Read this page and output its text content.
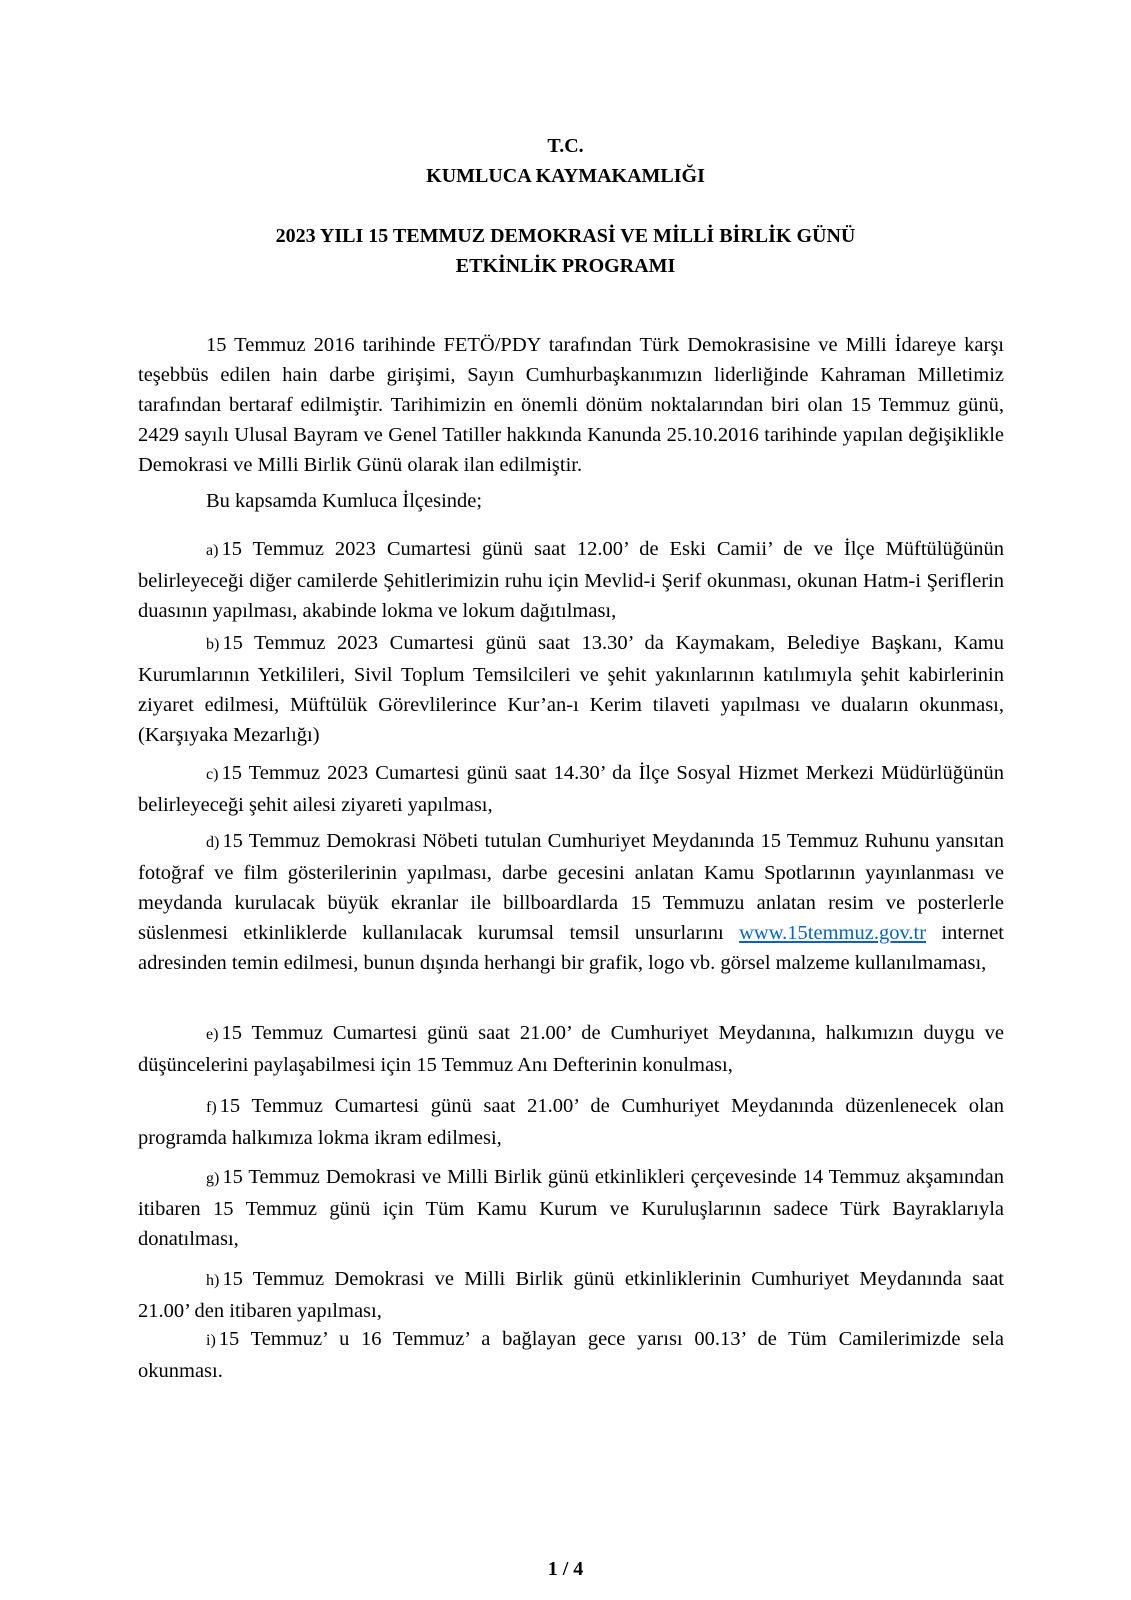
T.C.
KUMLUCA KAYMAKAMLIĞI
2023 YILI 15 TEMMUZ DEMOKRASİ VE MİLLİ BİRLİK GÜNÜ
ETKİNLİK PROGRAMI

15 Temmuz 2016 tarihinde FETÖ/PDY tarafından Türk Demokrasisine ve Milli İdareye karşı teşebbüs edilen hain darbe girişimi, Sayın Cumhurbaşkanımızın liderliğinde Kahraman Milletimiz tarafından bertaraf edilmiştir. Tarihimizin en önemli dönüm noktalarından biri olan 15 Temmuz günü, 2429 sayılı Ulusal Bayram ve Genel Tatiller hakkında Kanunda 25.10.2016 tarihinde yapılan değişiklikle Demokrasi ve Milli Birlik Günü olarak ilan edilmiştir.

Bu kapsamda Kumluca İlçesinde;

a) 15 Temmuz 2023 Cumartesi günü saat 12.00’ de Eski Camii’ de ve İlçe Müftülüğünün belirleyeceği diğer camilerde Şehitlerimizin ruhu için Mevlid-i Şerif okunması, okunan Hatm-i Şeriflerin duasının yapılması, akabinde lokma ve lokum dağıtılması,

b) 15 Temmuz 2023 Cumartesi günü saat 13.30’ da Kaymakam, Belediye Başkanı, Kamu Kurumlarının Yetkilileri, Sivil Toplum Temsilcileri ve şehit yakınlarının katılımıyla şehit kabirlerinin ziyaret edilmesi, Müftülük Görevlilerince Kur’an-ı Kerim tilaveti yapılması ve duaların okunması, (Karşıyaka Mezarlığı)

c) 15 Temmuz 2023 Cumartesi günü saat 14.30’ da İlçe Sosyal Hizmet Merkezi Müdürlüğünün belirleyeceği şehit ailesi ziyareti yapılması,

d) 15 Temmuz Demokrasi Nöbeti tutulan Cumhuriyet Meydanında 15 Temmuz Ruhunu yansıtan fotoğraf ve film gösterilerinin yapılması, darbe gecesini anlatan Kamu Spotlarının yayınlanması ve meydanda kurulacak büyük ekranlar ile billboardlarda 15 Temmuzu anlatan resim ve posterlerle süslenmesi etkinliklerde kullanılacak kurumsal temsil unsurlarını www.15temmuz.gov.tr internet adresinden temin edilmesi, bunun dışında herhangi bir grafik, logo vb. görsel malzeme kullanılmaması,

e) 15 Temmuz Cumartesi günü saat 21.00’ de Cumhuriyet Meydanına, halkımızın duygu ve düşüncelerini paylaşabilmesi için 15 Temmuz Anı Defterinin konulması,

f) 15 Temmuz Cumartesi günü saat 21.00’ de Cumhuriyet Meydanında düzenlenecek olan programda halkımıza lokma ikram edilmesi,

g) 15 Temmuz Demokrasi ve Milli Birlik günü etkinlikleri çerçevesinde 14 Temmuz akşamından itibaren 15 Temmuz günü için Tüm Kamu Kurum ve Kuruluşlarının sadece Türk Bayraklarıyla donatılması,

h) 15 Temmuz Demokrasi ve Milli Birlik günü etkinliklerinin Cumhuriyet Meydanında saat 21.00’ den itibaren yapılması,

i) 15 Temmuz’ u 16 Temmuz’ a bağlayan gece yarısı 00.13’ de Tüm Camilerimizde sela okunması.

1 / 4
